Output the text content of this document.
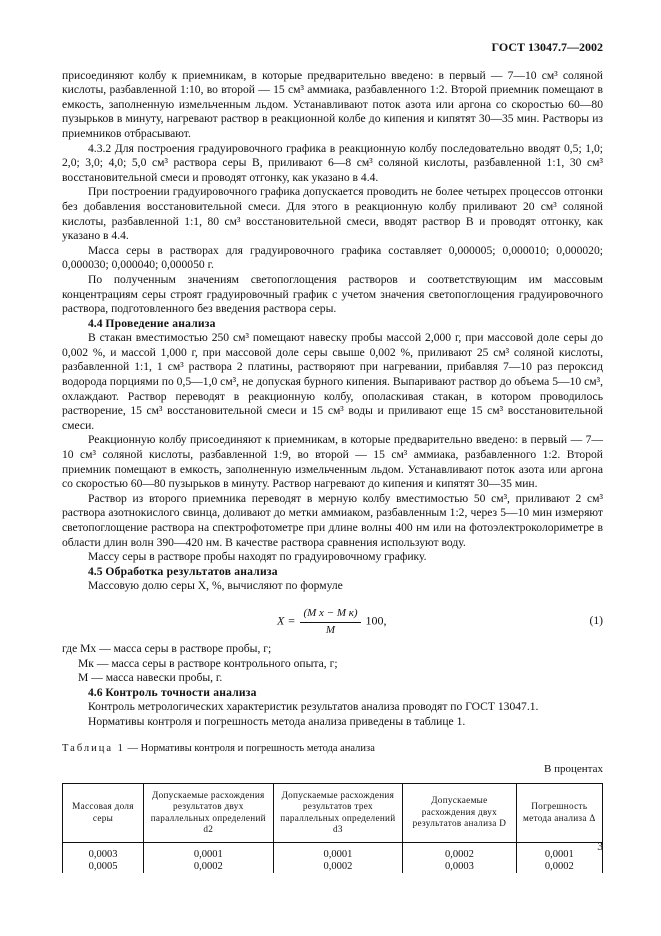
ГОСТ 13047.7—2002

присоединяют колбу к приемникам, в которые предварительно введено: в первый — 7—10 см³ соляной кислоты, разбавленной 1:10, во второй — 15 см³ аммиака, разбавленного 1:2. Второй приемник помещают в емкость, заполненную измельченным льдом. Устанавливают поток азота или аргона со скоростью 60—80 пузырьков в минуту, нагревают раствор в реакционной колбе до кипения и кипятят 30—35 мин. Растворы из приемников отбрасывают.

4.3.2 Для построения градуировочного графика в реакционную колбу последовательно вводят 0,5; 1,0; 2,0; 3,0; 4,0; 5,0 см³ раствора серы В, приливают 6—8 см³ соляной кислоты, разбавленной 1:1, 30 см³ восстановительной смеси и проводят отгонку, как указано в 4.4.

При построении градуировочного графика допускается проводить не более четырех процессов отгонки без добавления восстановительной смеси. Для этого в реакционную колбу приливают 20 см³ соляной кислоты, разбавленной 1:1, 80 см³ восстановительной смеси, вводят раствор В и проводят отгонку, как указано в 4.4.

Масса серы в растворах для градуировочного графика составляет 0,000005; 0,000010; 0,000020; 0,000030; 0,000040; 0,000050 г.

По полученным значениям светопоглощения растворов и соответствующим им массовым концентрациям серы строят градуировочный график с учетом значения светопоглощения градуировочного раствора, подготовленного без введения раствора серы.

4.4 Проведение анализа

В стакан вместимостью 250 см³ помещают навеску пробы массой 2,000 г, при массовой доле серы до 0,002 %, и массой 1,000 г, при массовой доле серы свыше 0,002 %, приливают 25 см³ соляной кислоты, разбавленной 1:1, 1 см³ раствора 2 платины, растворяют при нагревании, прибавляя 7—10 раз пероксид водорода порциями по 0,5—1,0 см³, не допуская бурного кипения. Выпаривают раствор до объема 5—10 см³, охлаждают. Раствор переводят в реакционную колбу, ополаскивая стакан, в котором проводилось растворение, 15 см³ восстановительной смеси и 15 см³ воды и приливают еще 15 см³ восстановительной смеси.

Реакционную колбу присоединяют к приемникам, в которые предварительно введено: в первый — 7—10 см³ соляной кислоты, разбавленной 1:9, во второй — 15 см³ аммиака, разбавленного 1:2. Второй приемник помещают в емкость, заполненную измельченным льдом. Устанавливают поток азота или аргона со скоростью 60—80 пузырьков в минуту. Раствор нагревают до кипения и кипятят 30—35 мин.

Раствор из второго приемника переводят в мерную колбу вместимостью 50 см³, приливают 2 см³ раствора азотнокислого свинца, доливают до метки аммиаком, разбавленным 1:2, через 5—10 мин измеряют светопоглощение раствора на спектрофотометре при длине волны 400 нм или на фотоэлектроколориметре в области длин волн 390—420 нм. В качестве раствора сравнения используют воду.

Массу серы в растворе пробы находят по градуировочному графику.

4.5 Обработка результатов анализа

Массовую долю серы X, %, вычисляют по формуле

$X = \frac{\text{(M x − M к)}}{M} 100$,	(1)
где Mx — масса серы в растворе пробы, г;
Mк — масса серы в растворе контрольного опыта, г;
M — масса навески пробы, г.

4.6 Контроль точности анализа

Контроль метрологических характеристик результатов анализа проводят по ГОСТ 13047.1.

Нормативы контроля и погрешность метода анализа приведены в таблице 1.

Таблица 1 — Нормативы контроля и погрешность метода анализа
В процентах
Массовая доля серы	Допускаемые расхождения результатов двух параллельных определений d2	Допускаемые расхождения результатов трех параллельных определений d3	Допускаемые расхождения двух результатов анализа D	Погрешность метода анализа Δ
0,0003	0,0001	0,0001	0,0002	0,0001
0,0005	0,0002	0,0002	0,0003	0,0002
3
